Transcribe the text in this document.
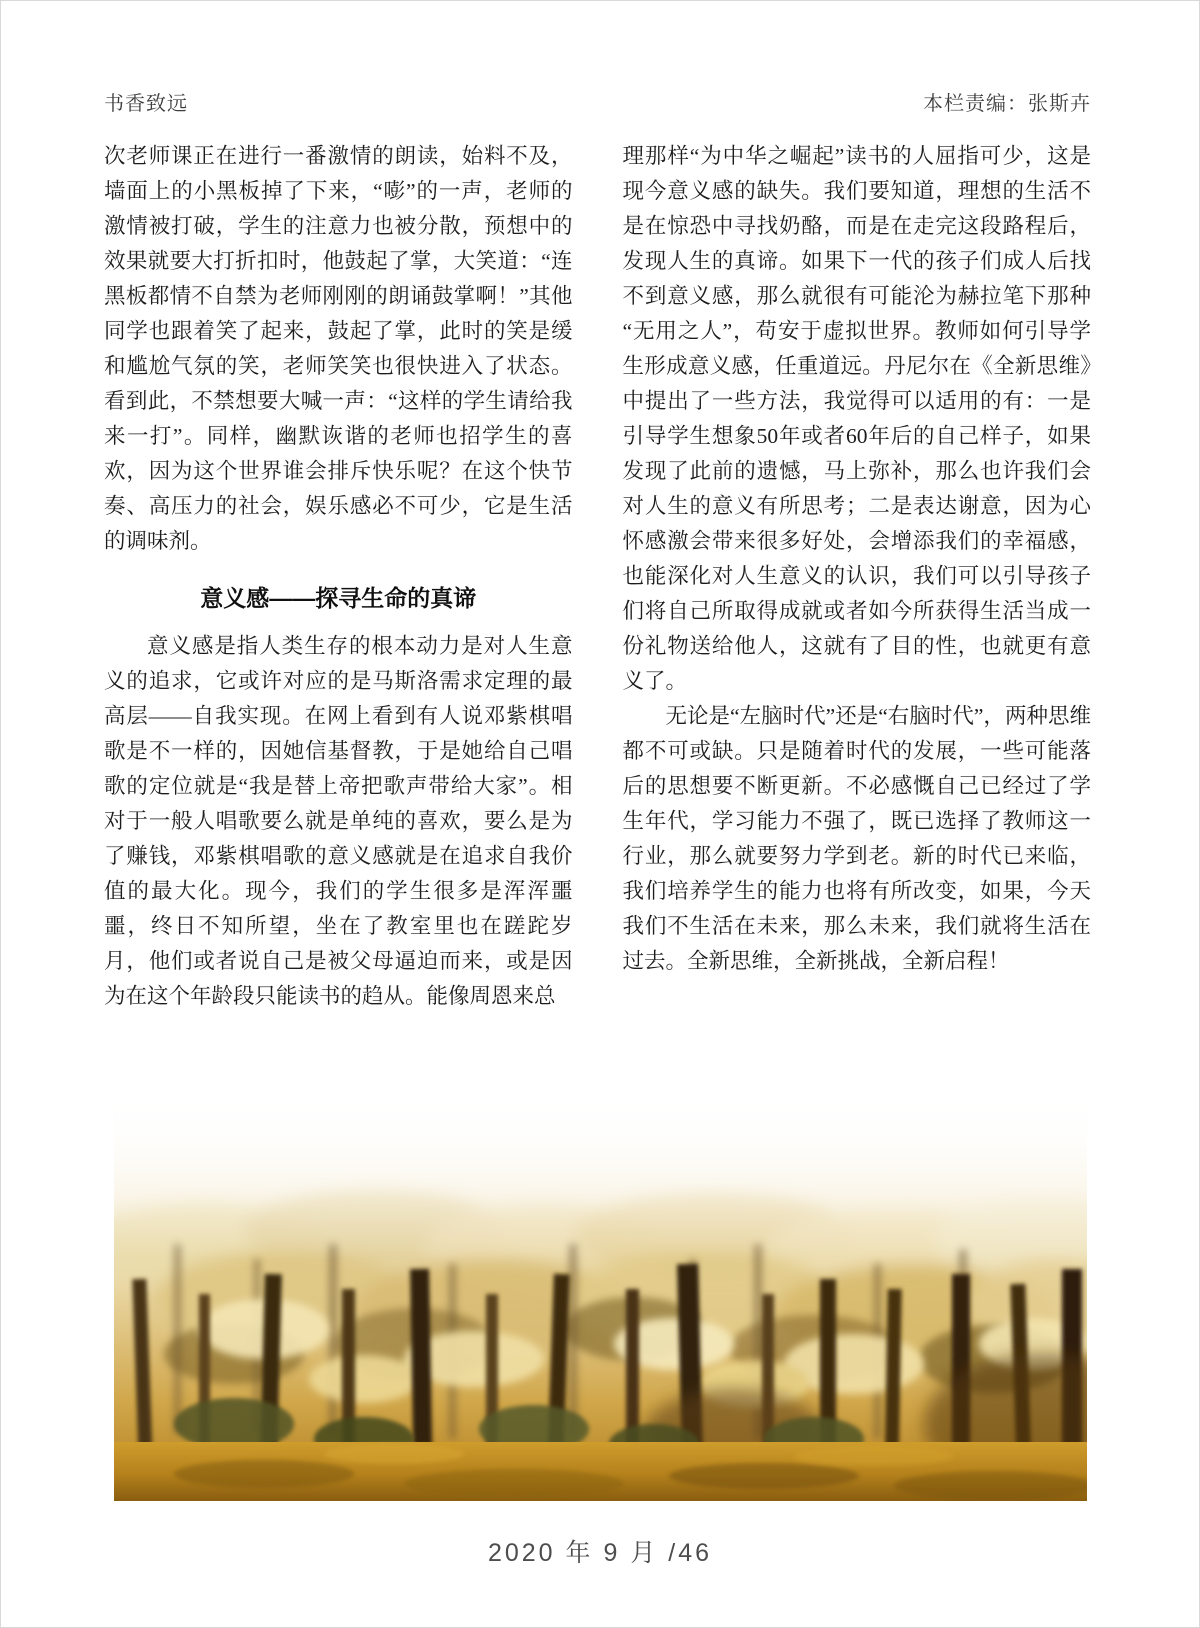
书香致远	本栏责编：张斯卉

次老师课正在进行一番激情的朗读，始料不及，墙面上的小黑板掉了下来，“嘭”的一声，老师的激情被打破，学生的注意力也被分散，预想中的效果就要大打折扣时，他鼓起了掌，大笑道：“连黑板都情不自禁为老师刚刚的朗诵鼓掌啊！”其他同学也跟着笑了起来，鼓起了掌，此时的笑是缓和尴尬气氛的笑，老师笑笑也很快进入了状态。看到此，不禁想要大喊一声：“这样的学生请给我来一打”。同样，幽默诙谐的老师也招学生的喜欢，因为这个世界谁会排斥快乐呢？在这个快节奏、高压力的社会，娱乐感必不可少，它是生活的调味剂。

意义感——探寻生命的真谛

意义感是指人类生存的根本动力是对人生意义的追求，它或许对应的是马斯洛需求定理的最高层——自我实现。在网上看到有人说邓紫棋唱歌是不一样的，因她信基督教，于是她给自己唱歌的定位就是“我是替上帝把歌声带给大家”。相对于一般人唱歌要么就是单纯的喜欢，要么是为了赚钱，邓紫棋唱歌的意义感就是在追求自我价值的最大化。现今，我们的学生很多是浑浑噩噩，终日不知所望，坐在了教室里也在蹉跎岁月，他们或者说自己是被父母逼迫而来，或是因为在这个年龄段只能读书的趋从。能像周恩来总

理那样“为中华之崛起”读书的人屈指可少，这是现今意义感的缺失。我们要知道，理想的生活不是在惊恐中寻找奶酪，而是在走完这段路程后，发现人生的真谛。如果下一代的孩子们成人后找不到意义感，那么就很有可能沦为赫拉笔下那种“无用之人”，苟安于虚拟世界。教师如何引导学生形成意义感，任重道远。丹尼尔在《全新思维》中提出了一些方法，我觉得可以适用的有：一是引导学生想象50年或者60年后的自己样子，如果发现了此前的遗憾，马上弥补，那么也许我们会对人生的意义有所思考；二是表达谢意，因为心怀感激会带来很多好处，会增添我们的幸福感，也能深化对人生意义的认识，我们可以引导孩子们将自己所取得成就或者如今所获得生活当成一份礼物送给他人，这就有了目的性，也就更有意义了。

无论是“左脑时代”还是“右脑时代”，两种思维都不可或缺。只是随着时代的发展，一些可能落后的思想要不断更新。不必感慨自己已经过了学生年代，学习能力不强了，既已选择了教师这一行业，那么就要努力学到老。新的时代已来临，我们培养学生的能力也将有所改变，如果，今天我们不生活在未来，那么未来，我们就将生活在过去。全新思维，全新挑战，全新启程！

2020 年 9 月 /46
